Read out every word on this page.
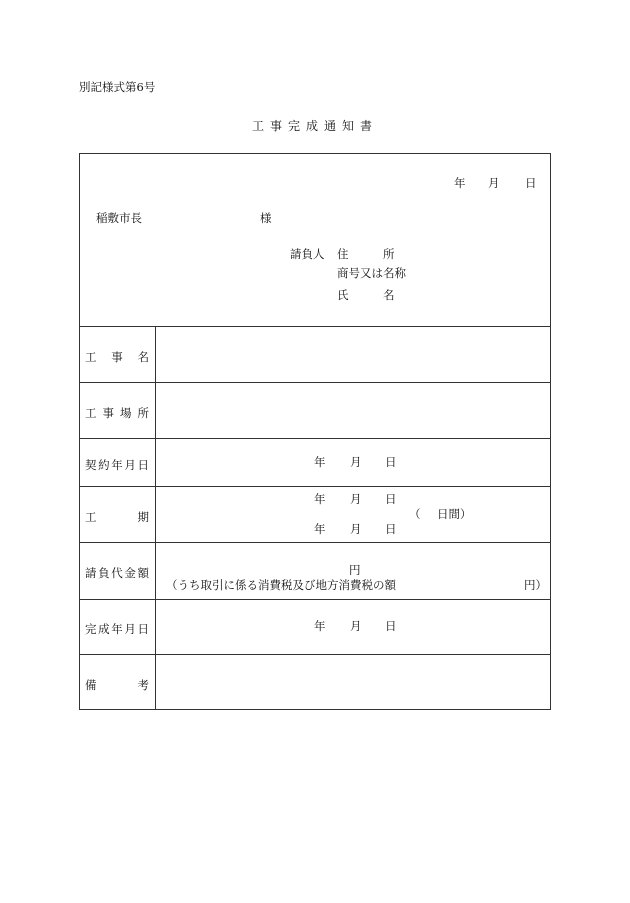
別記様式第6号
工事完成通知書
年 月 日
稲敷市長	様
請負人 住　　　所
商号又は名称
氏　　　名
工 事 名
工 事 場 所
契 約 年 月 日	年 月 日
工	期
年 月 日
（ 日間）
年 月 日
請 負 代 金 額	円
（うち取引に係る消費税及び地方消費税の額	円）
完 成 年 月 日	年 月 日
備	考
